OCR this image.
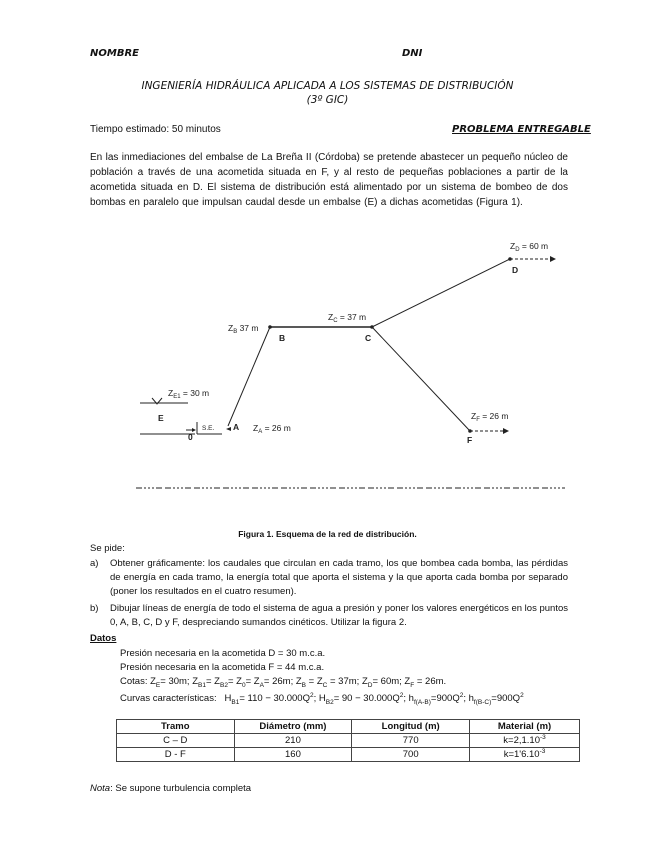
NOMBRE	DNI
INGENIERÍA HIDRÁULICA APLICADA A LOS SISTEMAS DE DISTRIBUCIÓN
(3º GIC)
Tiempo estimado: 50 minutos	PROBLEMA ENTREGABLE
En las inmediaciones del embalse de La Breña II (Córdoba) se pretende abastecer un pequeño núcleo de población a través de una acometida situada en F, y al resto de pequeñas poblaciones a partir de la acometida situada en D. El sistema de distribución está alimentado por un sistema de bombeo de dos bombas en paralelo que impulsan caudal desde un embalse (E) a dichas acometidas (Figura 1).
$Z_D = 60$ m
D
$Z_B$ 37 m
B
$Z_C = 37$ m
C
$Z_{E1} = 30$ m
E
0
S.E. A $Z_A = 26$ m
$Z_F = 26$ m
F
Figura 1. Esquema de la red de distribución.
Se pide:
a) Obtener gráficamente: los caudales que circulan en cada tramo, los que bombea cada bomba, las pérdidas de energía en cada tramo, la energía total que aporta el sistema y la que aporta cada bomba por separado (poner los resultados en el cuatro resumen).
b) Dibujar líneas de energía de todo el sistema de agua a presión y poner los valores energéticos en los puntos 0, A, B, C, D y F, despreciando sumandos cinéticos. Utilizar la figura 2.
Datos
Presión necesaria en la acometida D = 30 m.c.a.
Presión necesaria en la acometida F = 44 m.c.a.
Cotas: $Z_E= 30m$; $Z_{B1}= Z_{B2}= Z_0= Z_A= 26m$; $Z_B = Z_C = 37m$; $Z_D= 60m$; $Z_F = 26m$.
Curvas características:   $H_{B1}= 110 - 30.000Q^2$; $H_{B2}= 90 - 30.000Q^2$; $h_{f(A-B)}=900Q^2$; $h_{f(B-C)}=900Q^2$
Tramo	Diámetro (mm)	Longitud (m)	Material (m)
C – D	210	770	$k=2,1.10^{-3}$
D - F	160	700	$k=1'6.10^{-3}$
Nota: Se supone turbulencia completa
